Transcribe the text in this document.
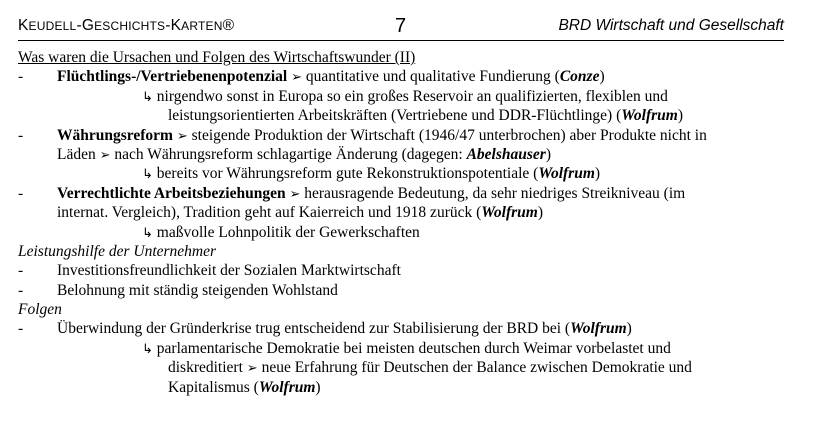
KEUDELL-GESCHICHTS-KARTEN®	7	BRD Wirtschaft und Gesellschaft
Was waren die Ursachen und Folgen des Wirtschaftswunder (II)
- Flüchtlings-/Vertriebenenpotenzial ➢ quantitative und qualitative Fundierung (Conze)
↳ nirgendwo sonst in Europa so ein großes Reservoir an qualifizierten, flexiblen und
leistungsorientierten Arbeitskräften (Vertriebene und DDR-Flüchtlinge) (Wolfrum)
- Währungsreform ➢ steigende Produktion der Wirtschaft (1946/47 unterbrochen) aber Produkte nicht in
Läden ➢ nach Währungsreform schlagartige Änderung (dagegen: Abelshauser)
↳ bereits vor Währungsreform gute Rekonstruktionspotentiale (Wolfrum)
- Verrechtlichte Arbeitsbeziehungen ➢ herausragende Bedeutung, da sehr niedriges Streikniveau (im
internat. Vergleich), Tradition geht auf Kaierreich und 1918 zurück (Wolfrum)
↳ maßvolle Lohnpolitik der Gewerkschaften
Leistungshilfe der Unternehmer
- Investitionsfreundlichkeit der Sozialen Marktwirtschaft
- Belohnung mit ständig steigenden Wohlstand
Folgen
- Überwindung der Gründerkrise trug entscheidend zur Stabilisierung der BRD bei (Wolfrum)
↳ parlamentarische Demokratie bei meisten deutschen durch Weimar vorbelastet und
diskreditiert ➢ neue Erfahrung für Deutschen der Balance zwischen Demokratie und
Kapitalismus (Wolfrum)
